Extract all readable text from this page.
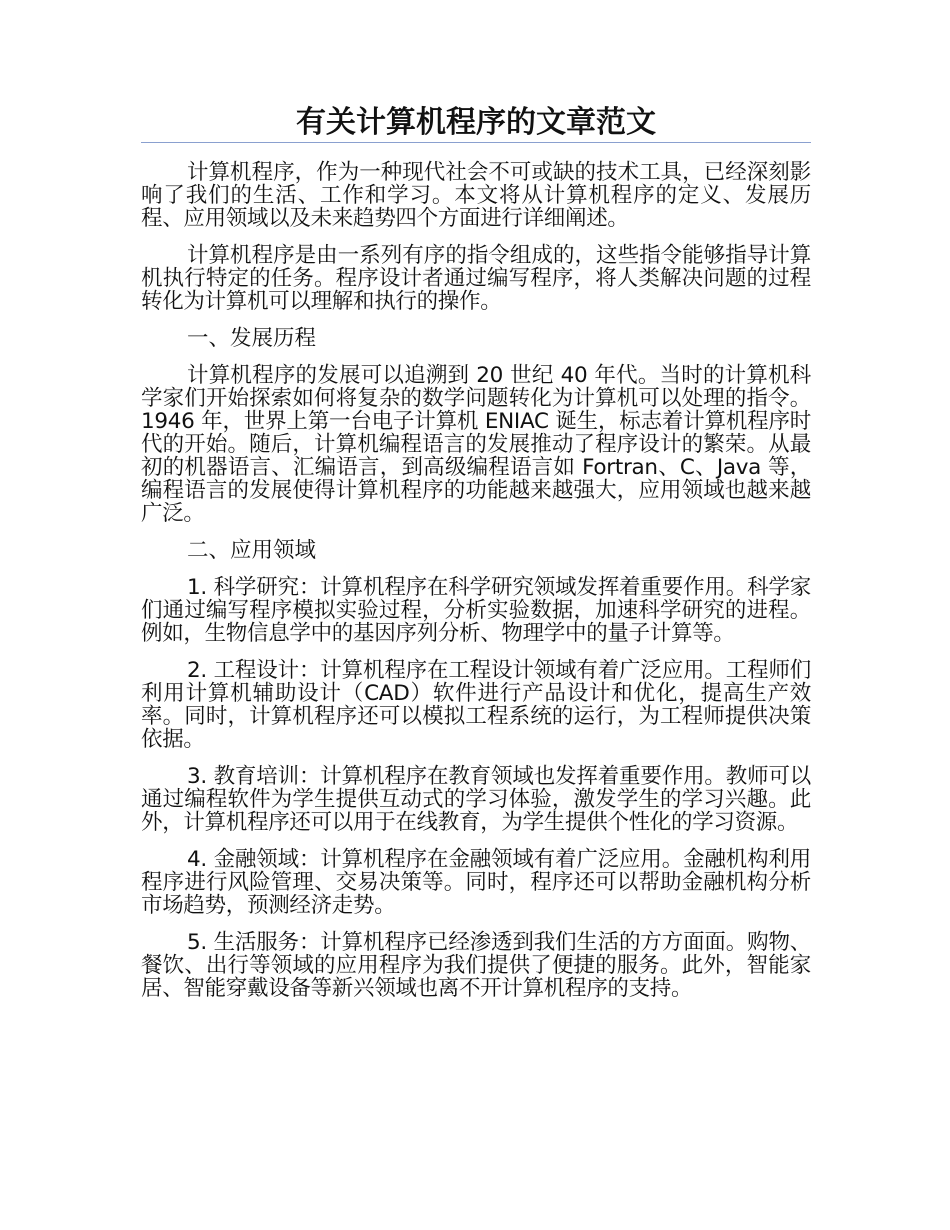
有关计算机程序的文章范文

计算机程序，作为一种现代社会不可或缺的技术工具，已经深刻影响了我们的生活、工作和学习。本文将从计算机程序的定义、发展历程、应用领域以及未来趋势四个方面进行详细阐述。

计算机程序是由一系列有序的指令组成的，这些指令能够指导计算机执行特定的任务。程序设计者通过编写程序，将人类解决问题的过程转化为计算机可以理解和执行的操作。

一、发展历程

计算机程序的发展可以追溯到 20 世纪 40 年代。当时的计算机科学家们开始探索如何将复杂的数学问题转化为计算机可以处理的指令。1946 年，世界上第一台电子计算机 ENIAC 诞生，标志着计算机程序时代的开始。随后，计算机编程语言的发展推动了程序设计的繁荣。从最初的机器语言、汇编语言，到高级编程语言如 Fortran、C、Java 等，编程语言的发展使得计算机程序的功能越来越强大，应用领域也越来越广泛。

二、应用领域

1. 科学研究：计算机程序在科学研究领域发挥着重要作用。科学家们通过编写程序模拟实验过程，分析实验数据，加速科学研究的进程。例如，生物信息学中的基因序列分析、物理学中的量子计算等。

2. 工程设计：计算机程序在工程设计领域有着广泛应用。工程师们利用计算机辅助设计（CAD）软件进行产品设计和优化，提高生产效率。同时，计算机程序还可以模拟工程系统的运行，为工程师提供决策依据。

3. 教育培训：计算机程序在教育领域也发挥着重要作用。教师可以通过编程软件为学生提供互动式的学习体验，激发学生的学习兴趣。此外，计算机程序还可以用于在线教育，为学生提供个性化的学习资源。

4. 金融领域：计算机程序在金融领域有着广泛应用。金融机构利用程序进行风险管理、交易决策等。同时，程序还可以帮助金融机构分析市场趋势，预测经济走势。

5. 生活服务：计算机程序已经渗透到我们生活的方方面面。购物、餐饮、出行等领域的应用程序为我们提供了便捷的服务。此外，智能家居、智能穿戴设备等新兴领域也离不开计算机程序的支持。
